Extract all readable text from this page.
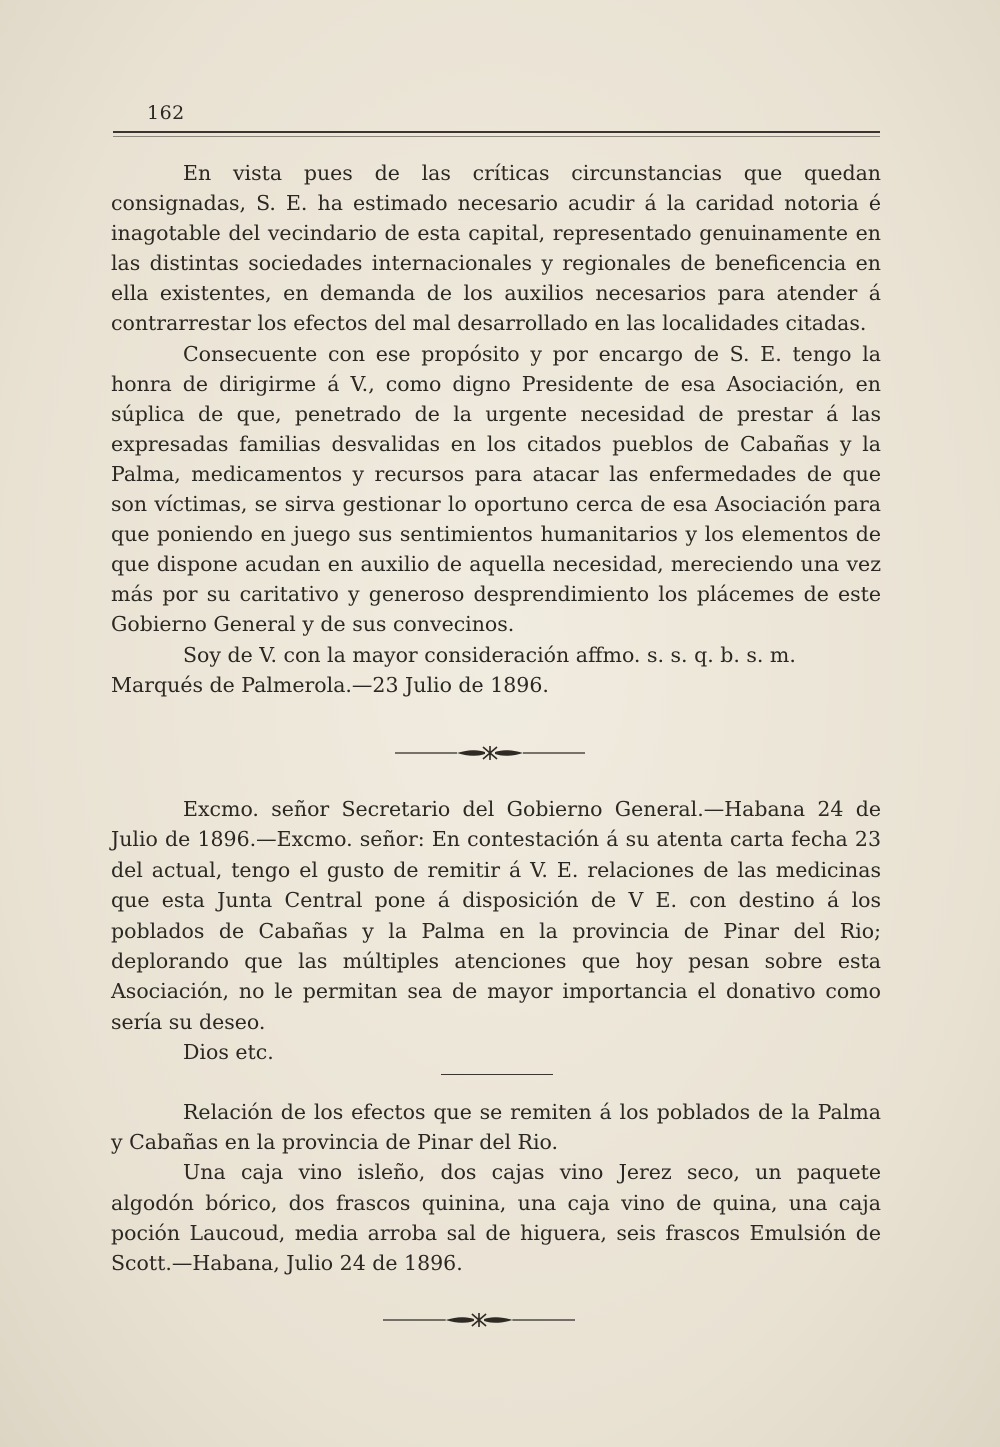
162

En vista pues de las críticas circunstancias que quedan consignadas, S. E. ha estimado necesario acudir á la caridad notoria é inagotable del vecindario de esta capital, representado genuinamente en las distintas sociedades internacionales y regionales de beneficencia en ella existentes, en demanda de los auxilios necesarios para atender á contrarrestar los efectos del mal desarrollado en las localidades citadas.

Consecuente con ese propósito y por encargo de S. E. tengo la honra de dirigirme á V., como digno Presidente de esa Asociación, en súplica de que, penetrado de la urgente necesidad de prestar á las expresadas familias desvalidas en los citados pueblos de Cabañas y la Palma, medicamentos y recursos para atacar las enfermedades de que son víctimas, se sirva gestionar lo oportuno cerca de esa Asociación para que poniendo en juego sus sentimientos humanitarios y los elementos de que dispone acudan en auxilio de aquella necesidad, mereciendo una vez más por su caritativo y generoso desprendimiento los plácemes de este Gobierno General y de sus convecinos.

Soy de V. con la mayor consideración affmo. s. s. q. b. s. m.

Marqués de Palmerola.—23 Julio de 1896.

Excmo. señor Secretario del Gobierno General.—Habana 24 de Julio de 1896.—Excmo. señor: En contestación á su atenta carta fecha 23 del actual, tengo el gusto de remitir á V. E. relaciones de las medicinas que esta Junta Central pone á disposición de V E. con destino á los poblados de Cabañas y la Palma en la provincia de Pinar del Rio; deplorando que las múltiples atenciones que hoy pesan sobre esta Asociación, no le permitan sea de mayor importancia el donativo como sería su deseo.

Dios etc.

Relación de los efectos que se remiten á los poblados de la Palma y Cabañas en la provincia de Pinar del Rio.

Una caja vino isleño, dos cajas vino Jerez seco, un paquete algodón bórico, dos frascos quinina, una caja vino de quina, una caja poción Laucoud, media arroba sal de higuera, seis frascos Emulsión de Scott.—Habana, Julio 24 de 1896.
